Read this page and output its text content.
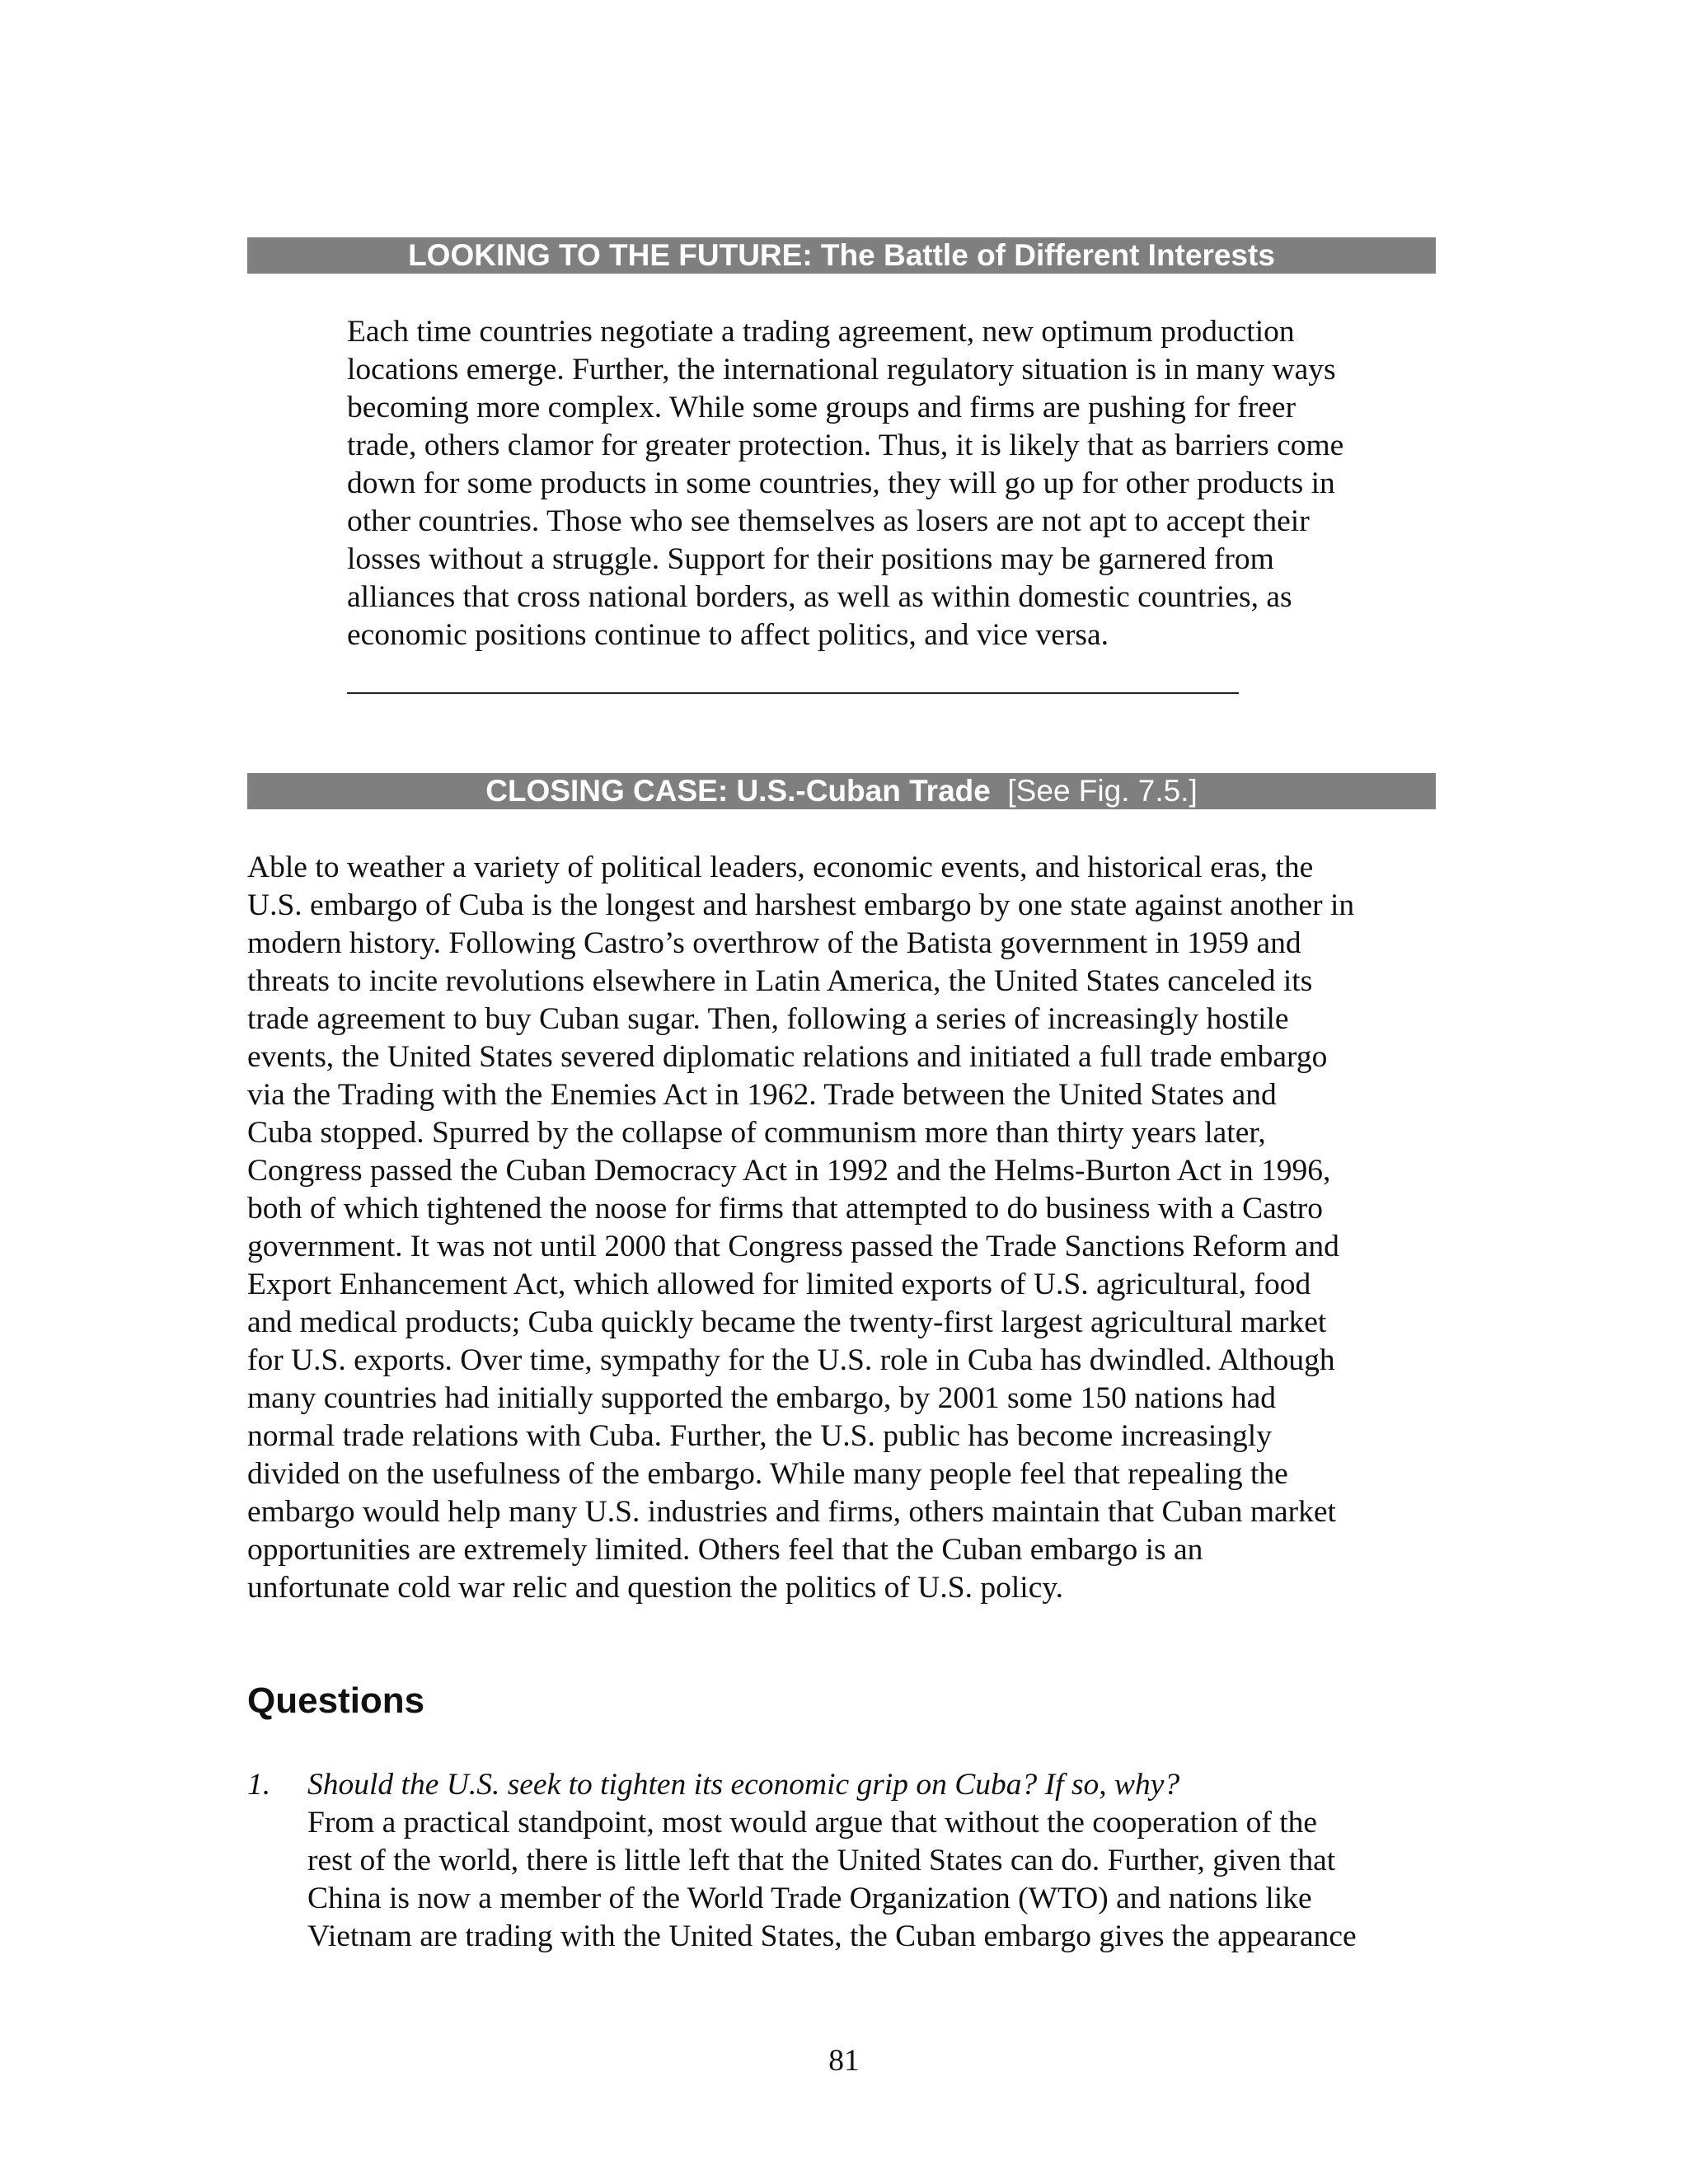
LOOKING TO THE FUTURE: The Battle of Different Interests
Each time countries negotiate a trading agreement, new optimum production
locations emerge. Further, the international regulatory situation is in many ways
becoming more complex. While some groups and firms are pushing for freer
trade, others clamor for greater protection. Thus, it is likely that as barriers come
down for some products in some countries, they will go up for other products in
other countries. Those who see themselves as losers are not apt to accept their
losses without a struggle. Support for their positions may be garnered from
alliances that cross national borders, as well as within domestic countries, as
economic positions continue to affect politics, and vice versa.
CLOSING CASE: U.S.-Cuban Trade [See Fig. 7.5.]
Able to weather a variety of political leaders, economic events, and historical eras, the
U.S. embargo of Cuba is the longest and harshest embargo by one state against another in
modern history. Following Castro’s overthrow of the Batista government in 1959 and
threats to incite revolutions elsewhere in Latin America, the United States canceled its
trade agreement to buy Cuban sugar. Then, following a series of increasingly hostile
events, the United States severed diplomatic relations and initiated a full trade embargo
via the Trading with the Enemies Act in 1962. Trade between the United States and
Cuba stopped. Spurred by the collapse of communism more than thirty years later,
Congress passed the Cuban Democracy Act in 1992 and the Helms-Burton Act in 1996,
both of which tightened the noose for firms that attempted to do business with a Castro
government. It was not until 2000 that Congress passed the Trade Sanctions Reform and
Export Enhancement Act, which allowed for limited exports of U.S. agricultural, food
and medical products; Cuba quickly became the twenty-first largest agricultural market
for U.S. exports. Over time, sympathy for the U.S. role in Cuba has dwindled. Although
many countries had initially supported the embargo, by 2001 some 150 nations had
normal trade relations with Cuba. Further, the U.S. public has become increasingly
divided on the usefulness of the embargo. While many people feel that repealing the
embargo would help many U.S. industries and firms, others maintain that Cuban market
opportunities are extremely limited. Others feel that the Cuban embargo is an
unfortunate cold war relic and question the politics of U.S. policy.
Questions
1. Should the U.S. seek to tighten its economic grip on Cuba? If so, why?
From a practical standpoint, most would argue that without the cooperation of the
rest of the world, there is little left that the United States can do. Further, given that
China is now a member of the World Trade Organization (WTO) and nations like
Vietnam are trading with the United States, the Cuban embargo gives the appearance
81
